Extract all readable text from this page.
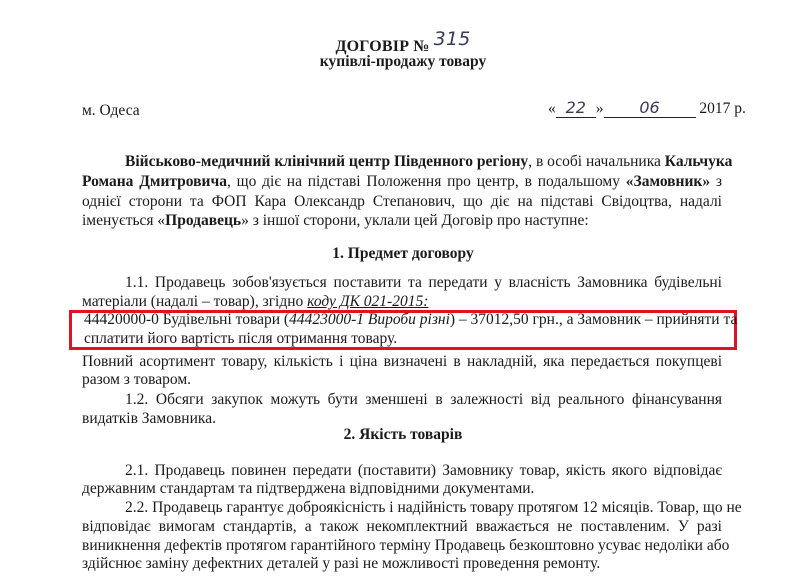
ДОГОВІР № 315
купівлі-продажу товару
м. Одеса	« 22 » 06	2017 р.
Військово-медичний клінічний центр Південного регіону, в особі начальника Кальчука
Романа Дмитровича, що діє на підставі Положення про центр, в подальшому «Замовник» з
однієї сторони та ФОП Кара Олександр Степанович, що діє на підставі Свідоцтва, надалі
іменується «Продавець» з іншої сторони, уклали цей Договір про наступне:
1. Предмет договору
1.1. Продавець зобов'язується поставити та передати у власність Замовника будівельні
матеріали (надалі – товар), згідно коду ДК 021-2015:
44420000-0 Будівельні товари (44423000-1 Вироби різні) – 37012,50 грн., а Замовник – прийняти та
сплатити його вартість після отримання товару.
Повний асортимент товару, кількість і ціна визначені в накладній, яка передається покупцеві
разом з товаром.
1.2. Обсяги закупок можуть бути зменшені в залежності від реального фінансування
видатків Замовника.
2. Якість товарів
2.1. Продавець повинен передати (поставити) Замовнику товар, якість якого відповідає
державним стандартам та підтверджена відповідними документами.
2.2. Продавець гарантує доброякісність і надійність товару протягом 12 місяців. Товар, що не
відповідає вимогам стандартів, а також некомплектний вважається не поставленим. У разі
виникнення дефектів протягом гарантійного терміну Продавець безкоштовно усуває недоліки або
здійснює заміну дефектних деталей у разі не можливості проведення ремонту.
